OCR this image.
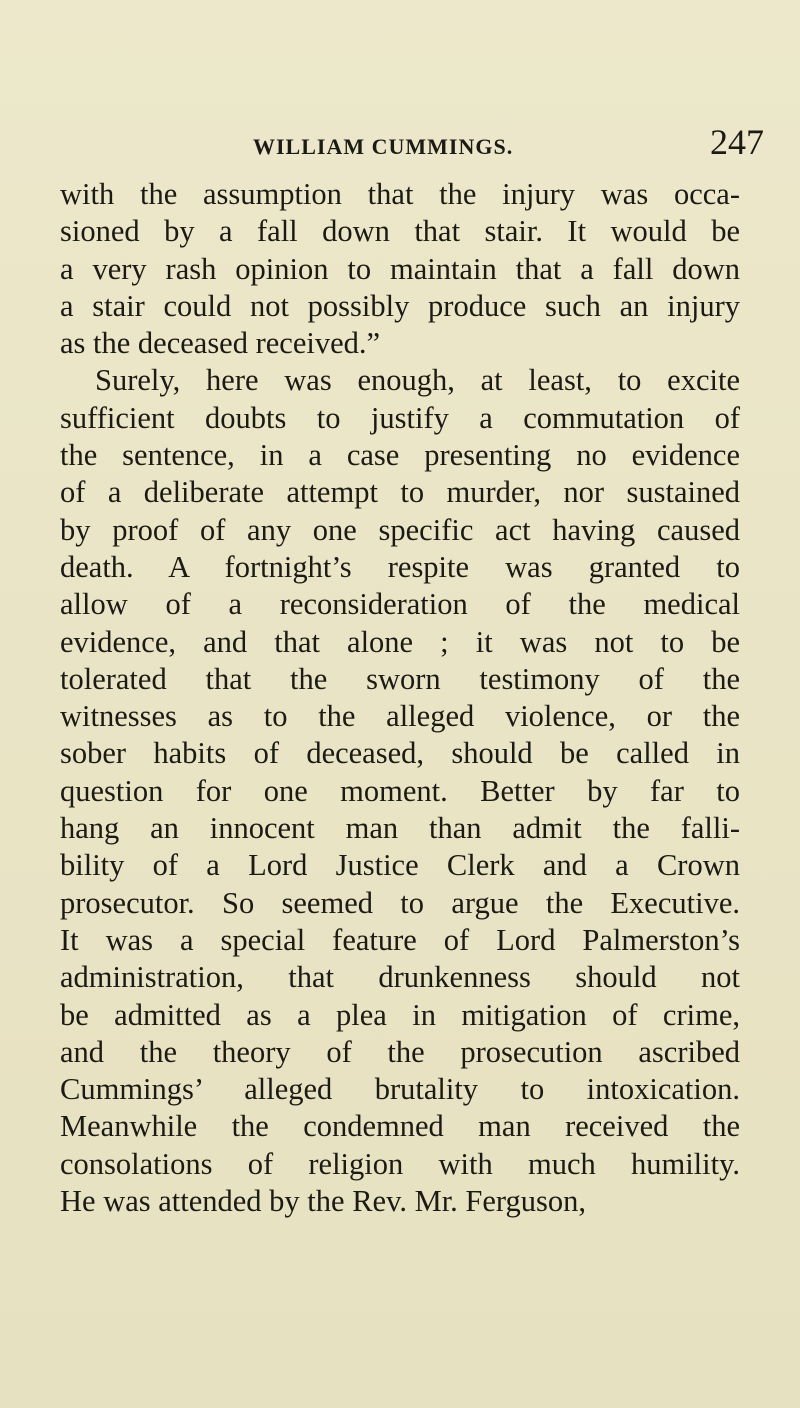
WILLIAM CUMMINGS.	247
with the assumption that the injury was occa-
sioned by a fall down that stair. It would be
a very rash opinion to maintain that a fall down
a stair could not possibly produce such an injury
as the deceased received.”
Surely, here was enough, at least, to excite
sufficient doubts to justify a commutation of
the sentence, in a case presenting no evidence
of a deliberate attempt to murder, nor sustained
by proof of any one specific act having caused
death. A fortnight’s respite was granted to
allow of a reconsideration of the medical
evidence, and that alone ; it was not to be
tolerated that the sworn testimony of the
witnesses as to the alleged violence, or the
sober habits of deceased, should be called in
question for one moment. Better by far to
hang an innocent man than admit the falli-
bility of a Lord Justice Clerk and a Crown
prosecutor. So seemed to argue the Executive.
It was a special feature of Lord Palmerston’s
administration, that drunkenness should not
be admitted as a plea in mitigation of crime,
and the theory of the prosecution ascribed
Cummings’ alleged brutality to intoxication.
Meanwhile the condemned man received the
consolations of religion with much humility.
He was attended by the Rev. Mr. Ferguson,
